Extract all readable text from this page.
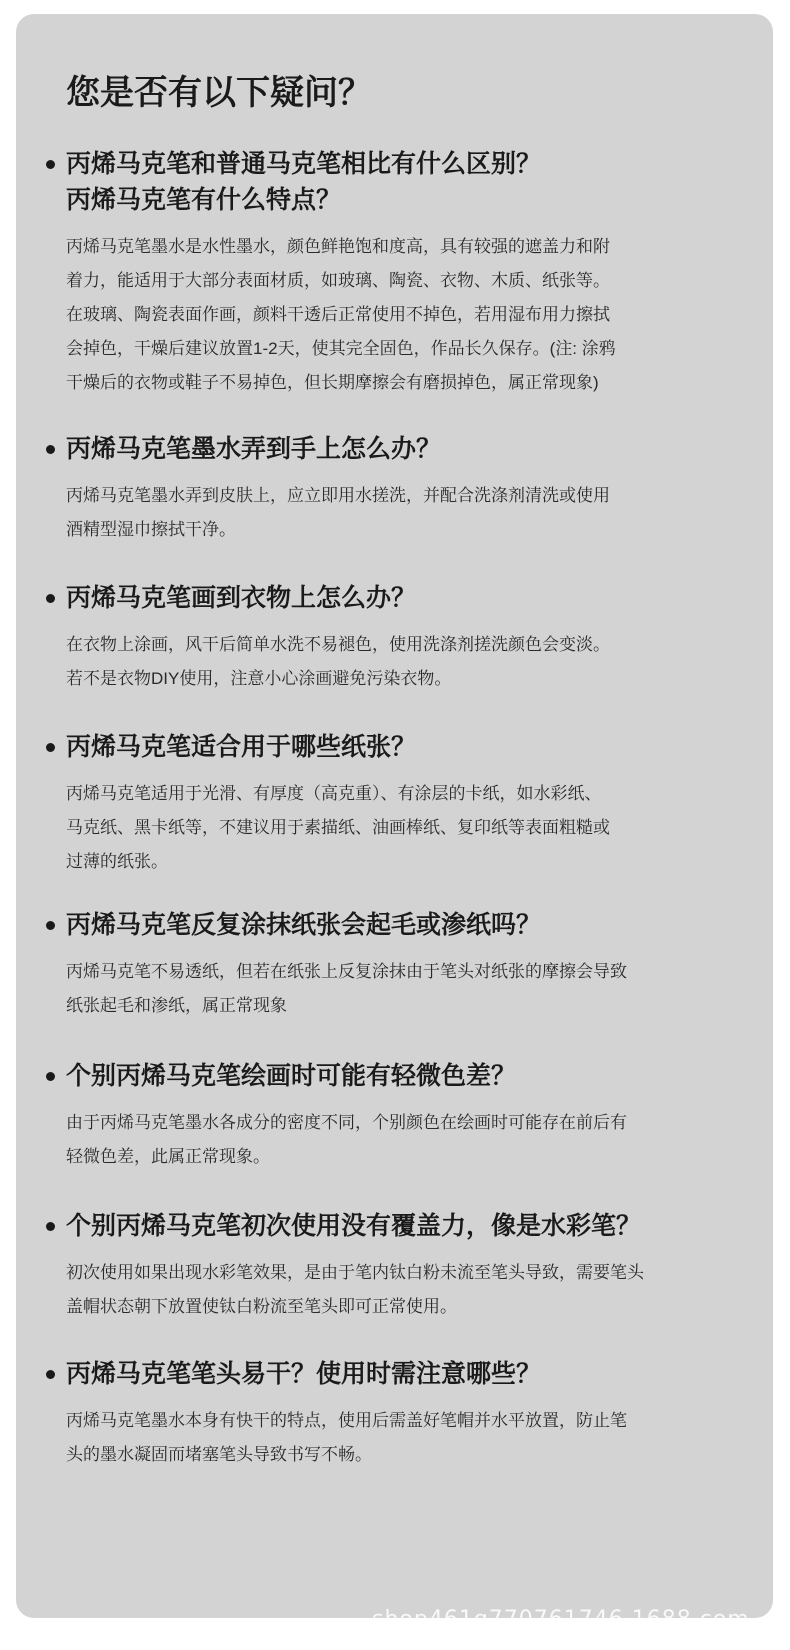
您是否有以下疑问？

丙烯马克笔和普通马克笔相比有什么区别？
丙烯马克笔有什么特点？

丙烯马克笔墨水是水性墨水，颜色鲜艳饱和度高，具有较强的遮盖力和附
着力，能适用于大部分表面材质，如玻璃、陶瓷、衣物、木质、纸张等。
在玻璃、陶瓷表面作画，颜料干透后正常使用不掉色，若用湿布用力擦拭
会掉色，干燥后建议放置1-2天，使其完全固色，作品长久保存。(注: 涂鸦
干燥后的衣物或鞋子不易掉色，但长期摩擦会有磨损掉色，属正常现象)

丙烯马克笔墨水弄到手上怎么办？

丙烯马克笔墨水弄到皮肤上，应立即用水搓洗，并配合洗涤剂清洗或使用
酒精型湿巾擦拭干净。

丙烯马克笔画到衣物上怎么办？

在衣物上涂画，风干后简单水洗不易褪色，使用洗涤剂搓洗颜色会变淡。
若不是衣物DIY使用，注意小心涂画避免污染衣物。

丙烯马克笔适合用于哪些纸张？

丙烯马克笔适用于光滑、有厚度（高克重）、有涂层的卡纸，如水彩纸、
马克纸、黑卡纸等，不建议用于素描纸、油画棒纸、复印纸等表面粗糙或
过薄的纸张。

丙烯马克笔反复涂抹纸张会起毛或渗纸吗？

丙烯马克笔不易透纸，但若在纸张上反复涂抹由于笔头对纸张的摩擦会导致
纸张起毛和渗纸，属正常现象

个别丙烯马克笔绘画时可能有轻微色差？

由于丙烯马克笔墨水各成分的密度不同，个别颜色在绘画时可能存在前后有
轻微色差，此属正常现象。

个别丙烯马克笔初次使用没有覆盖力，像是水彩笔？

初次使用如果出现水彩笔效果，是由于笔内钛白粉未流至笔头导致，需要笔头
盖帽状态朝下放置使钛白粉流至笔头即可正常使用。

丙烯马克笔笔头易干？使用时需注意哪些？

丙烯马克笔墨水本身有快干的特点，使用后需盖好笔帽并水平放置，防止笔
头的墨水凝固而堵塞笔头导致书写不畅。
shop461g770761746.1688.com
